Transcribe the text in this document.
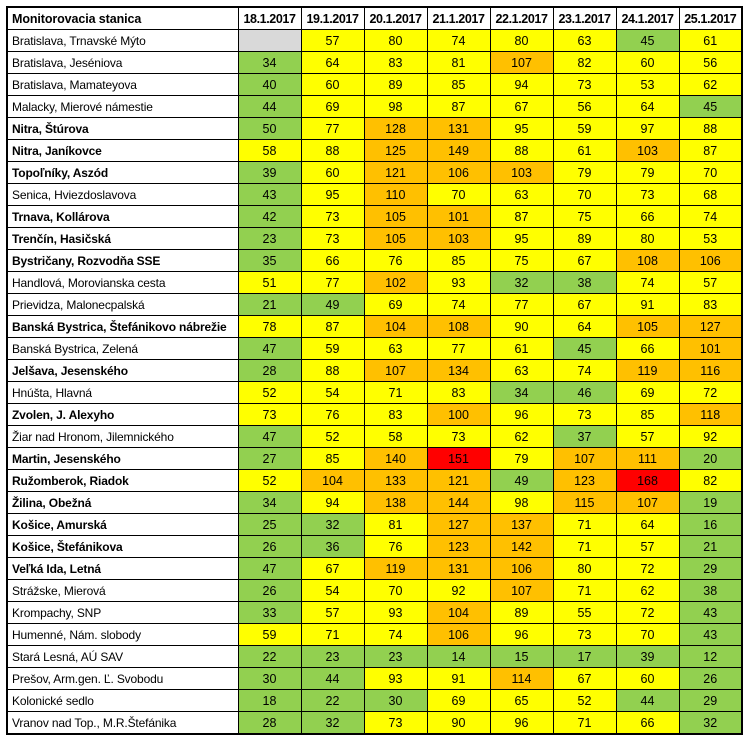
Monitorovacia stanica	18.1.2017	19.1.2017	20.1.2017	21.1.2017	22.1.2017	23.1.2017	24.1.2017	25.1.2017
Bratislava, Trnavské Mýto		57	80	74	80	63	45	61
Bratislava, Jeséniova	34	64	83	81	107	82	60	56
Bratislava, Mamateyova	40	60	89	85	94	73	53	62
Malacky, Mierové námestie	44	69	98	87	67	56	64	45
Nitra, Štúrova	50	77	128	131	95	59	97	88
Nitra, Janíkovce	58	88	125	149	88	61	103	87
Topoľníky, Aszód	39	60	121	106	103	79	79	70
Senica, Hviezdoslavova	43	95	110	70	63	70	73	68
Trnava, Kollárova	42	73	105	101	87	75	66	74
Trenčín, Hasičská	23	73	105	103	95	89	80	53
Bystričany, Rozvodňa SSE	35	66	76	85	75	67	108	106
Handlová, Morovianska cesta	51	77	102	93	32	38	74	57
Prievidza, Malonecpalská	21	49	69	74	77	67	91	83
Banská Bystrica, Štefánikovo nábrežie	78	87	104	108	90	64	105	127
Banská Bystrica, Zelená	47	59	63	77	61	45	66	101
Jelšava, Jesenského	28	88	107	134	63	74	119	116
Hnúšta, Hlavná	52	54	71	83	34	46	69	72
Zvolen, J. Alexyho	73	76	83	100	96	73	85	118
Žiar nad Hronom, Jilemnického	47	52	58	73	62	37	57	92
Martin, Jesenského	27	85	140	151	79	107	111	20
Ružomberok, Riadok	52	104	133	121	49	123	168	82
Žilina, Obežná	34	94	138	144	98	115	107	19
Košice, Amurská	25	32	81	127	137	71	64	16
Košice, Štefánikova	26	36	76	123	142	71	57	21
Veľká Ida, Letná	47	67	119	131	106	80	72	29
Strážske, Mierová	26	54	70	92	107	71	62	38
Krompachy, SNP	33	57	93	104	89	55	72	43
Humenné, Nám. slobody	59	71	74	106	96	73	70	43
Stará Lesná, AÚ SAV	22	23	23	14	15	17	39	12
Prešov, Arm.gen. Ľ. Svobodu	30	44	93	91	114	67	60	26
Kolonické sedlo	18	22	30	69	65	52	44	29
Vranov nad Top., M.R.Štefánika	28	32	73	90	96	71	66	32
